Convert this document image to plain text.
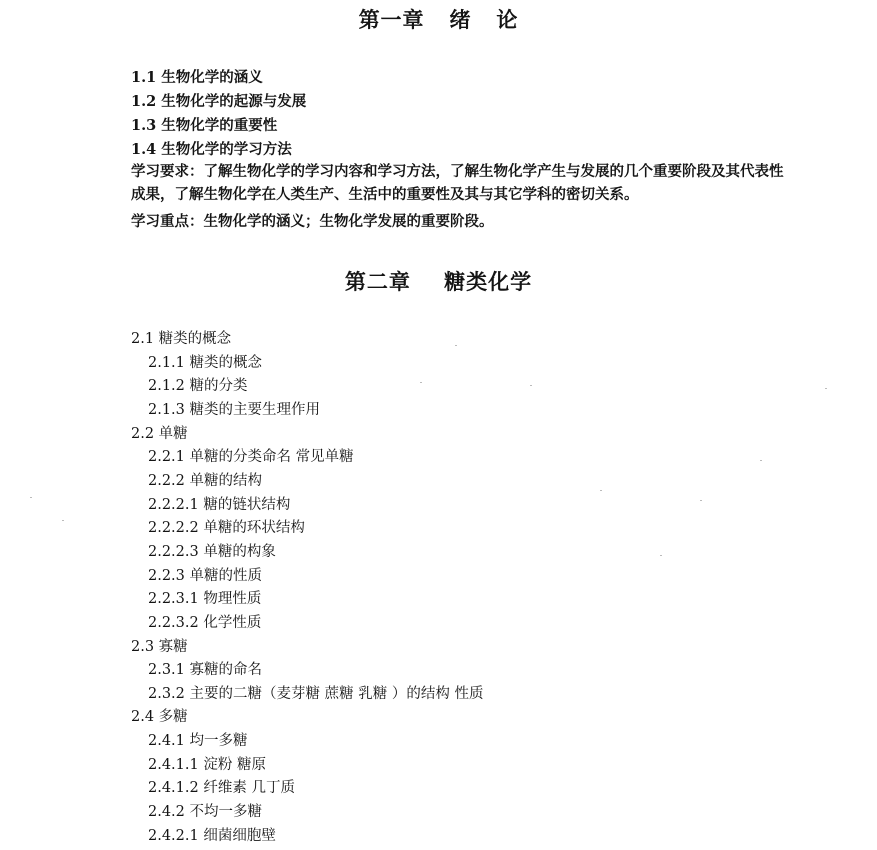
第一章   绪   论
1.1 生物化学的涵义
1.2 生物化学的起源与发展
1.3 生物化学的重要性
1.4 生物化学的学习方法

学习要求：了解生物化学的学习内容和学习方法，了解生物化学产生与发展的几个重要阶段及其代表性成果，了解生物化学在人类生产、生活中的重要性及其与其它学科的密切关系。

学习重点：生物化学的涵义；生物化学发展的重要阶段。

第二章    糖类化学
2.1 糖类的概念
2.1.1 糖类的概念
2.1.2 糖的分类
2.1.3 糖类的主要生理作用
2.2 单糖
2.2.1 单糖的分类命名 常见单糖
2.2.2 单糖的结构
2.2.2.1 糖的链状结构
2.2.2.2 单糖的环状结构
2.2.2.3 单糖的构象
2.2.3 单糖的性质
2.2.3.1 物理性质
2.2.3.2 化学性质
2.3 寡糖
2.3.1 寡糖的命名
2.3.2 主要的二糖（麦芽糖 蔗糖 乳糖 ）的结构 性质
2.4 多糖
2.4.1 均一多糖
2.4.1.1 淀粉 糖原
2.4.1.2 纤维素 几丁质
2.4.2 不均一多糖
2.4.2.1 细菌细胞壁
